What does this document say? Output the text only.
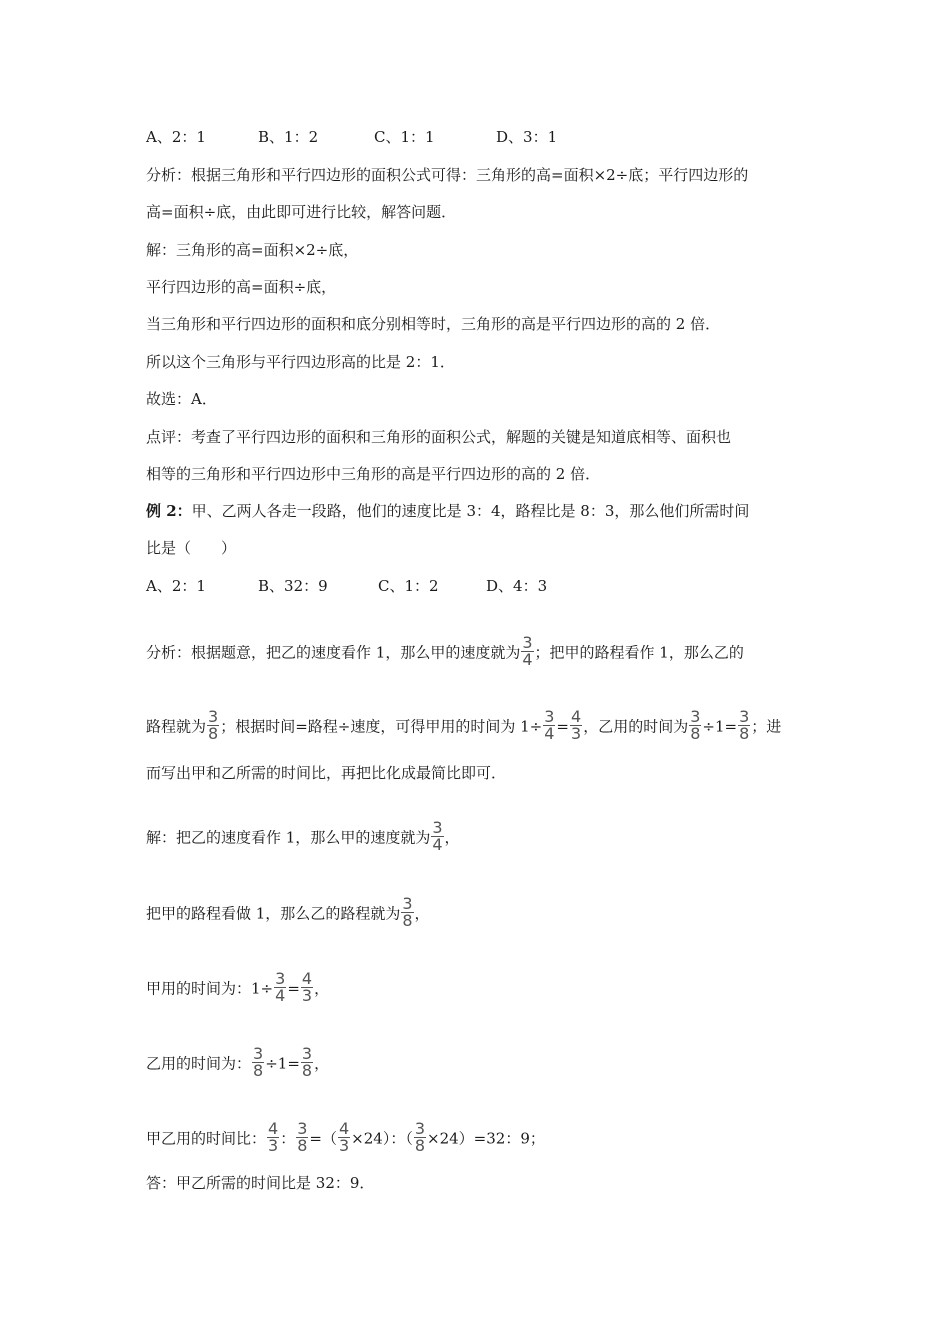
A、2：1	B、1：2	C、1：1	D、3：1
分析：根据三角形和平行四边形的面积公式可得：三角形的高=面积×2÷底；平行四边形的
高=面积÷底，由此即可进行比较，解答问题．
解：三角形的高=面积×2÷底，
平行四边形的高=面积÷底，
当三角形和平行四边形的面积和底分别相等时，三角形的高是平行四边形的高的 2 倍．
所以这个三角形与平行四边形高的比是 2：1．
故选：A．
点评：考查了平行四边形的面积和三角形的面积公式，解题的关键是知道底相等、面积也
相等的三角形和平行四边形中三角形的高是平行四边形的高的 2 倍．
例 2：甲、乙两人各走一段路，他们的速度比是 3：4，路程比是 8：3，那么他们所需时间
比是（　　）
A、2：1	B、32：9	C、1：2	D、4：3
分析：根据题意，把乙的速度看作 1，那么甲的速度就为 $\frac{3}{4}$ ；把甲的路程看作 1，那么乙的
路程就为 $\frac{3}{8}$ ；根据时间=路程÷速度，可得甲用的时间为 $1\div \frac{3}{4} = \frac{4}{3}$ ，乙用的时间为 $\frac{3}{8} \div 1= \frac{3}{8}$ ；进
而写出甲和乙所需的时间比，再把比化成最简比即可．
解：把乙的速度看作 1，那么甲的速度就为 $\frac{3}{4}$ ，
把甲的路程看做 1，那么乙的路程就为 $\frac{3}{8}$ ，
甲用的时间为：$1\div \frac{3}{4} = \frac{4}{3}$ ，
乙用的时间为： $\frac{3}{8} \div 1= \frac{3}{8}$ ，
甲乙用的时间比： $\frac{4}{3}$ ： $\frac{3}{8}$ =（ $\frac{4}{3} \times 24$）：（ $\frac{3}{8} \times 24)=32$：9；
答：甲乙所需的时间比是 32：9．
